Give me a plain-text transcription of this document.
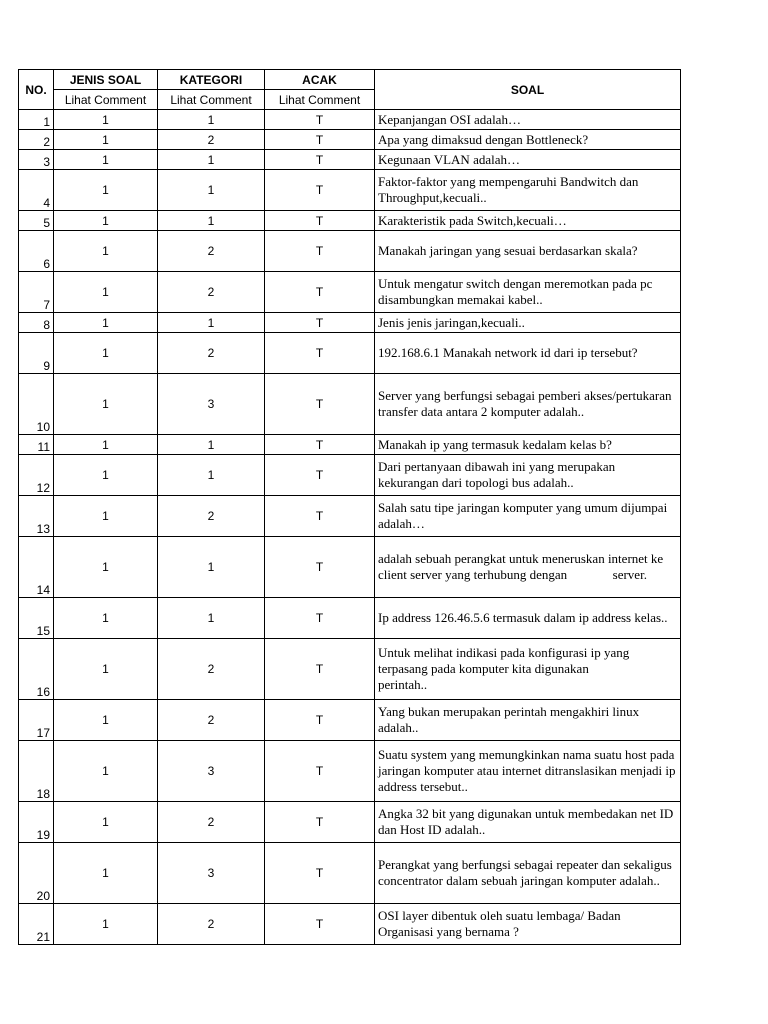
NO.	JENIS SOAL	KATEGORI	ACAK	SOAL
	Lihat Comment	Lihat Comment	Lihat Comment	
1	1	1	T	Kepanjangan OSI adalah…
2	1	2	T	Apa yang dimaksud dengan Bottleneck?
3	1	1	T	Kegunaan VLAN adalah…
4	1	1	T	Faktor-faktor yang mempengaruhi Bandwitch dan Throughput,kecuali..
5	1	1	T	Karakteristik pada Switch,kecuali…
6	1	2	T	Manakah jaringan yang sesuai berdasarkan skala?
7	1	2	T	Untuk mengatur switch dengan meremotkan pada pc disambungkan memakai kabel..
8	1	1	T	Jenis jenis jaringan,kecuali..
9	1	2	T	192.168.6.1 Manakah network id dari ip tersebut?
10	1	3	T	Server yang berfungsi sebagai pemberi akses/pertukaran transfer data antara 2 komputer adalah..
11	1	1	T	Manakah ip yang termasuk kedalam kelas b?
12	1	1	T	Dari pertanyaan dibawah ini yang merupakan kekurangan dari topologi bus adalah..
13	1	2	T	Salah satu tipe jaringan komputer yang umum dijumpai adalah…
14	1	1	T	adalah sebuah perangkat untuk meneruskan internet ke client server yang terhubung dengan              server.
15	1	1	T	Ip address 126.46.5.6 termasuk dalam ip address kelas..
16	1	2	T	Untuk melihat indikasi pada konfigurasi ip yang terpasang pada komputer kita digunakan              perintah..
17	1	2	T	Yang bukan merupakan perintah mengakhiri linux adalah..
18	1	3	T	Suatu system yang memungkinkan nama suatu host pada jaringan komputer atau internet ditranslasikan menjadi ip address tersebut..
19	1	2	T	Angka 32 bit yang digunakan untuk membedakan net ID dan Host ID adalah..
20	1	3	T	Perangkat yang berfungsi sebagai repeater dan sekaligus concentrator dalam sebuah jaringan komputer adalah..
21	1	2	T	OSI layer dibentuk oleh suatu lembaga/ Badan Organisasi yang bernama ?
